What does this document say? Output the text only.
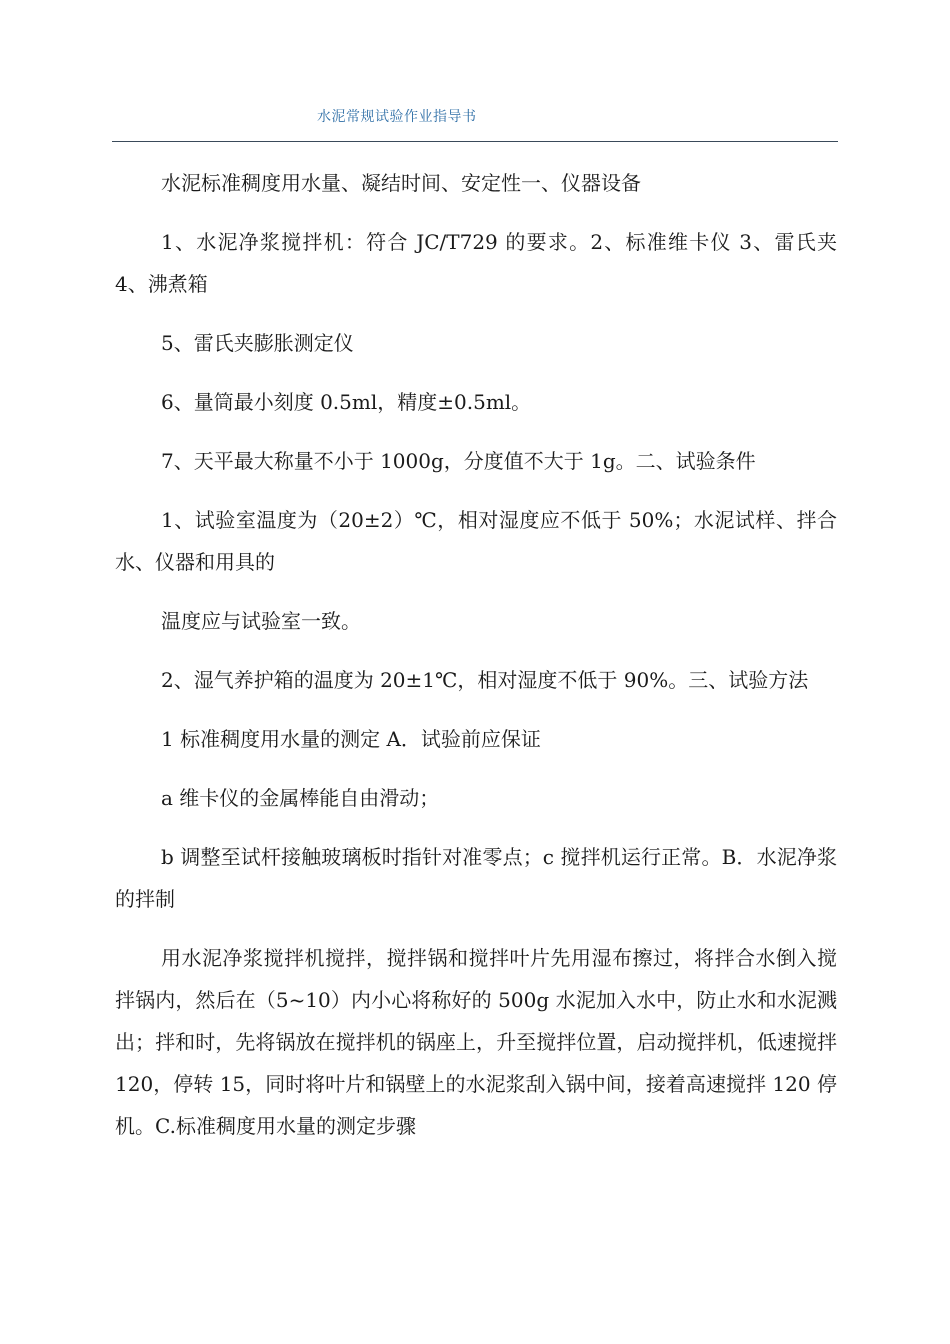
水泥常规试验作业指导书

水泥标准稠度用水量、凝结时间、安定性一、仪器设备

1、水泥净浆搅拌机：符合 JC/T729 的要求。2、标准维卡仪 3、雷氏夹 4、沸煮箱

5、雷氏夹膨胀测定仪

6、量筒最小刻度 0.5ml，精度±0.5ml。

7、天平最大称量不小于 1000g，分度值不大于 1g。二、试验条件

1、试验室温度为（20±2）℃，相对湿度应不低于 50%；水泥试样、拌合水、仪器和用具的

温度应与试验室一致。

2、湿气养护箱的温度为 20±1℃，相对湿度不低于 90%。三、试验方法

1 标准稠度用水量的测定 A．试验前应保证

a 维卡仪的金属棒能自由滑动；

b 调整至试杆接触玻璃板时指针对准零点；c 搅拌机运行正常。B．水泥净浆的拌制

用水泥净浆搅拌机搅拌，搅拌锅和搅拌叶片先用湿布擦过，将拌合水倒入搅拌锅内，然后在（5~10）内小心将称好的 500g 水泥加入水中，防止水和水泥溅出；拌和时，先将锅放在搅拌机的锅座上，升至搅拌位置，启动搅拌机，低速搅拌 120，停转 15，同时将叶片和锅壁上的水泥浆刮入锅中间，接着高速搅拌 120 停机。C.标准稠度用水量的测定步骤
